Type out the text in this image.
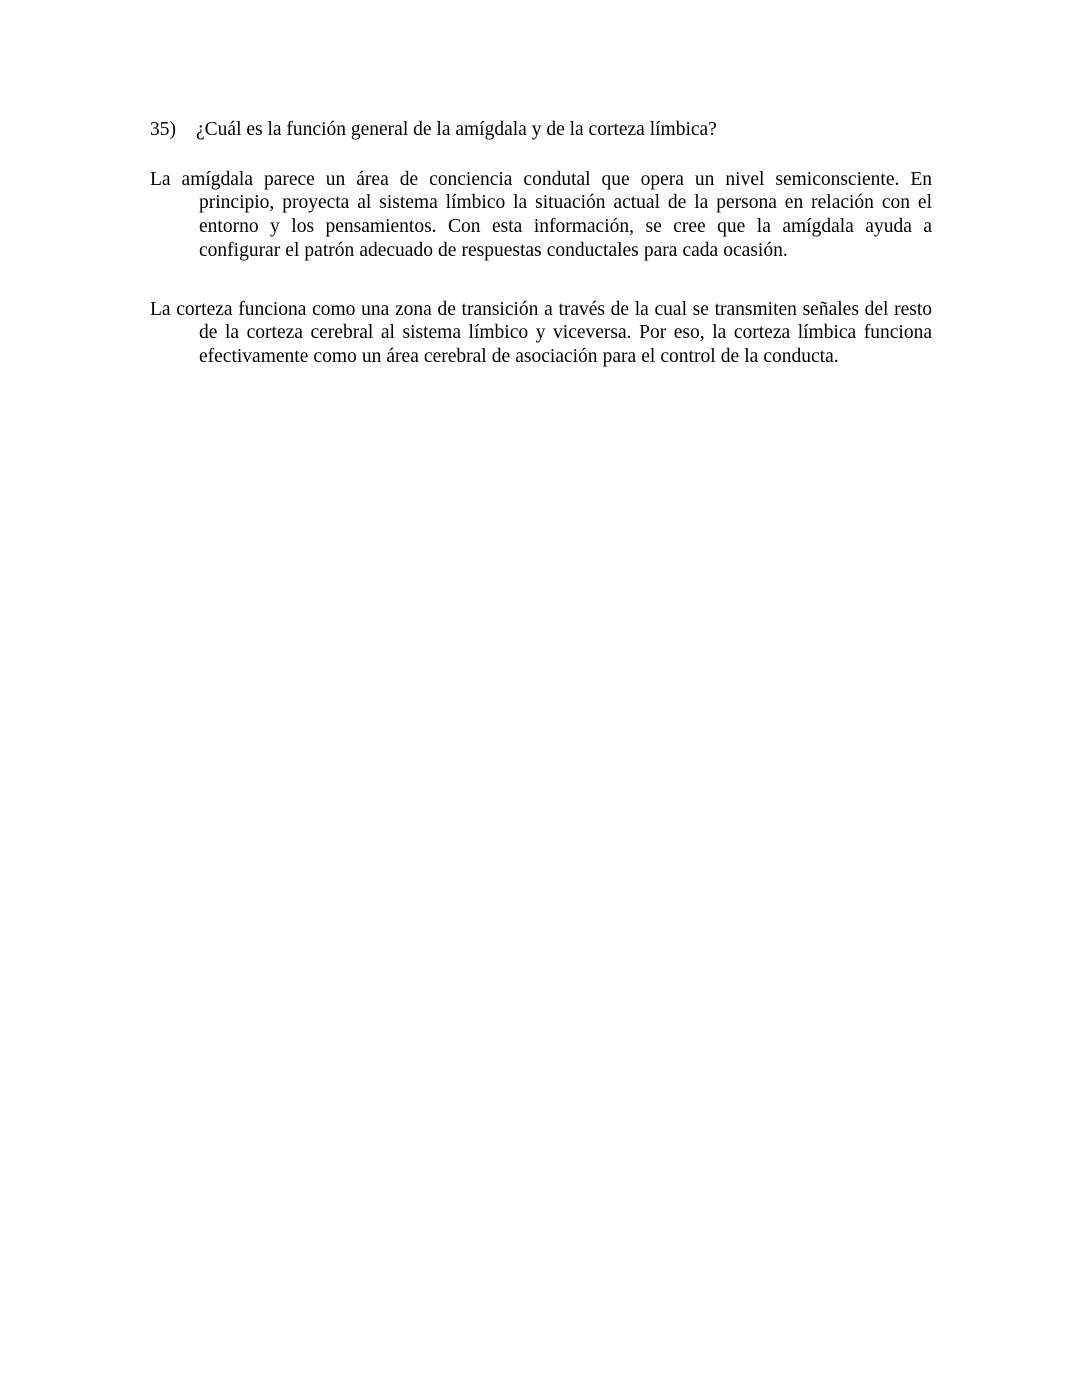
35)	¿Cuál es la función general de la amígdala y de la corteza límbica?

La amígdala parece un área de conciencia condutal que opera un nivel semiconsciente. En principio, proyecta al sistema límbico la situación actual de la persona en relación con el entorno y los pensamientos. Con esta información, se cree que la amígdala ayuda a configurar el patrón adecuado de respuestas conductales para cada ocasión.

La corteza funciona como una zona de transición a través de la cual se transmiten señales del resto de la corteza cerebral al sistema límbico y viceversa. Por eso, la corteza límbica funciona efectivamente como un área cerebral de asociación para el control de la conducta.
